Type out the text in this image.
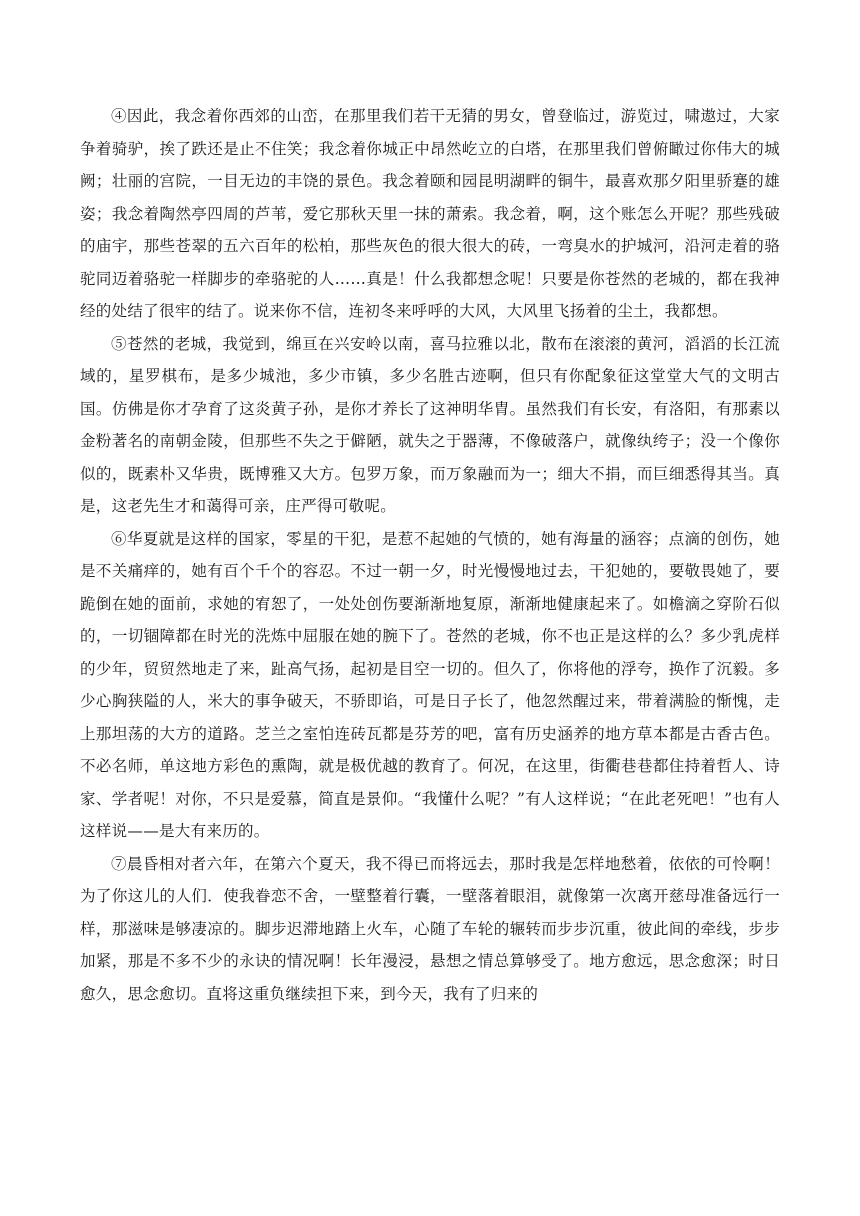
④因此，我念着你西郊的山峦，在那里我们若干无猜的男女，曾登临过，游览过，啸遨过，大家争着骑驴，挨了跌还是止不住笑；我念着你城正中昂然屹立的白塔，在那里我们曾俯瞰过你伟大的城阙；壮丽的宫院，一目无边的丰饶的景色。我念着颐和园昆明湖畔的铜牛，最喜欢那夕阳里骄蹇的雄姿；我念着陶然亭四周的芦苇，爱它那秋天里一抹的萧索。我念着，啊，这个账怎么开呢？那些残破的庙宇，那些苍翠的五六百年的松柏，那些灰色的很大很大的砖，一弯臭水的护城河，沿河走着的骆驼同迈着骆驼一样脚步的牵骆驼的人……真是！什么我都想念呢！只要是你苍然的老城的，都在我神经的处结了很牢的结了。说来你不信，连初冬来呼呼的大风，大风里飞扬着的尘土，我都想。

⑤苍然的老城，我觉到，绵亘在兴安岭以南，喜马拉雅以北，散布在滚滚的黄河，滔滔的长江流域的，星罗棋布，是多少城池，多少市镇，多少名胜古迹啊，但只有你配象征这堂堂大气的文明古国。仿佛是你才孕育了这炎黄子孙，是你才养长了这神明华胄。虽然我们有长安，有洛阳，有那素以金粉著名的南朝金陵，但那些不失之于僻陋，就失之于器薄，不像破落户，就像纨绔子；没一个像你似的，既素朴又华贵，既博雅又大方。包罗万象，而万象融而为一；细大不捐，而巨细悉得其当。真是，这老先生才和蔼得可亲，庄严得可敬呢。

⑥华夏就是这样的国家，零星的干犯，是惹不起她的气愤的，她有海量的涵容；点滴的创伤，她是不关痛痒的，她有百个千个的容忍。不过一朝一夕，时光慢慢地过去，干犯她的，要敬畏她了，要跪倒在她的面前，求她的宥恕了，一处处创伤要渐渐地复原，渐渐地健康起来了。如檐滴之穿阶石似的，一切锢障都在时光的洗炼中屈服在她的腕下了。苍然的老城，你不也正是这样的么？多少乳虎样的少年，贸贸然地走了来，趾高气扬，起初是目空一切的。但久了，你将他的浮夸，换作了沉毅。多少心胸狭隘的人，米大的事争破天，不骄即谄，可是日子长了，他忽然醒过来，带着满脸的惭愧，走上那坦荡的大方的道路。芝兰之室怕连砖瓦都是芬芳的吧，富有历史涵养的地方草本都是古香古色。不必名师，单这地方彩色的熏陶，就是极优越的教育了。何况，在这里，街衢巷巷都住持着哲人、诗家、学者呢！对你，不只是爱慕，简直是景仰。“我懂什么呢？”有人这样说；“在此老死吧！”也有人这样说——是大有来历的。

⑦晨昏相对者六年，在第六个夏天，我不得已而将远去，那时我是怎样地愁着，依依的可怜啊！为了你这儿的人们．使我眷恋不舍，一壁整着行囊，一壁落着眼泪，就像第一次离开慈母准备远行一样，那滋味是够凄凉的。脚步迟滞地踏上火车，心随了车轮的辗转而步步沉重，彼此间的牵线，步步加紧，那是不多不少的永诀的情况啊！长年漫浸，悬想之情总算够受了。地方愈远，思念愈深；时日愈久，思念愈切。直将这重负继续担下来，到今天，我有了归来的
